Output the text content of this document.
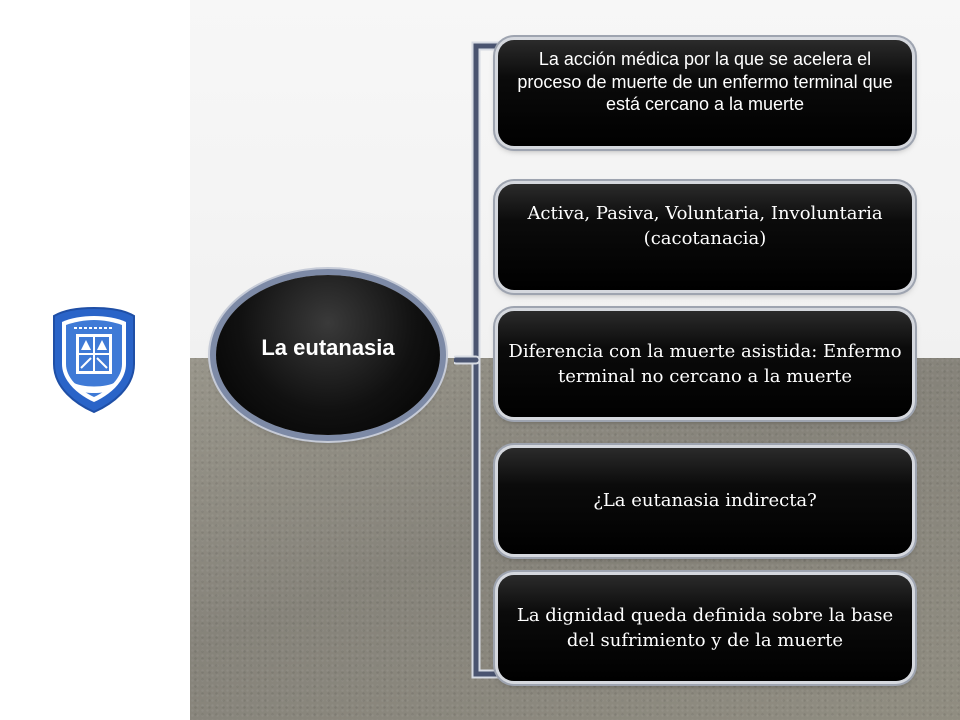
La eutanasia
La acción médica por la que se acelera el proceso de muerte de un enfermo terminal que está cercano a la muerte
Activa, Pasiva, Voluntaria, Involuntaria (cacotanacia)
Diferencia con la muerte asistida: Enfermo terminal no cercano a la muerte
¿La eutanasia indirecta?
La dignidad queda definida sobre la base del sufrimiento y de la muerte
